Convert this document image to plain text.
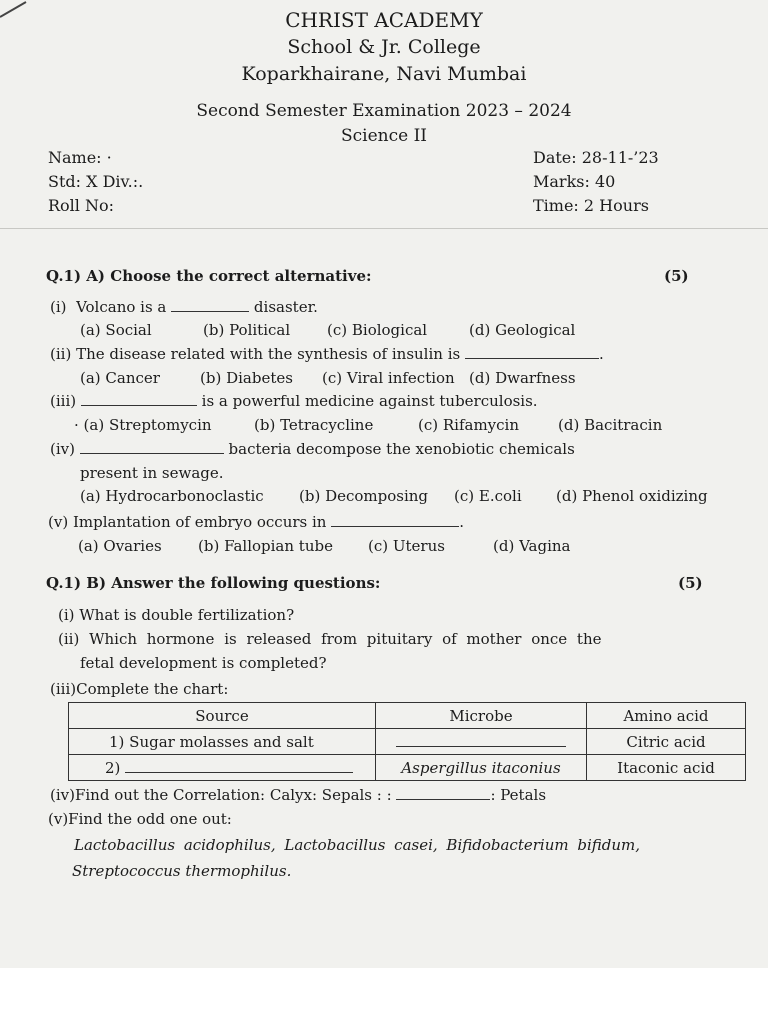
CHRIST ACADEMY
School & Jr. College
Koparkhairane, Navi Mumbai
Second Semester Examination 2023 – 2024
Science II
Name: ·
Std: X Div.:.
Roll No:
Date: 28-11-’23
Marks: 40
Time: 2 Hours
Q.1) A) Choose the correct alternative:	(5)
(i) Volcano is a	disaster.
(a) Social	(b) Political (c) Biological	(d) Geological
(ii) The disease related with the synthesis of insulin is	.
(a) Cancer	(b) Diabetes (c) Viral infection (d) Dwarfness
(iii)	is a powerful medicine against tuberculosis.
· (a) Streptomycin	(b) Tetracycline	(c) Rifamycin	(d) Bacitracin
(iv)	bacteria decompose the xenobiotic chemicals
present in sewage.
(a) Hydrocarbonoclastic (b) Decomposing (c) E.coli (d) Phenol oxidizing
(v) Implantation of embryo occurs in	.
(a) Ovaries (b) Fallopian tube (c) Uterus	(d) Vagina
Q.1) B) Answer the following questions:	(5)
(i) What is double fertilization?
(ii) Which hormone is released from pituitary of mother once the
fetal development is completed?
(iii)Complete the chart:
Source	Microbe	Amino acid
1) Sugar molasses and salt		Citric acid
2)	Aspergillus itaconius	Itaconic acid
(iv)Find out the Correlation: Calyx: Sepals : :	: Petals
(v)Find the odd one out:
Lactobacillus acidophilus, Lactobacillus casei, Bifidobacterium bifidum,
Streptococcus thermophilus.
